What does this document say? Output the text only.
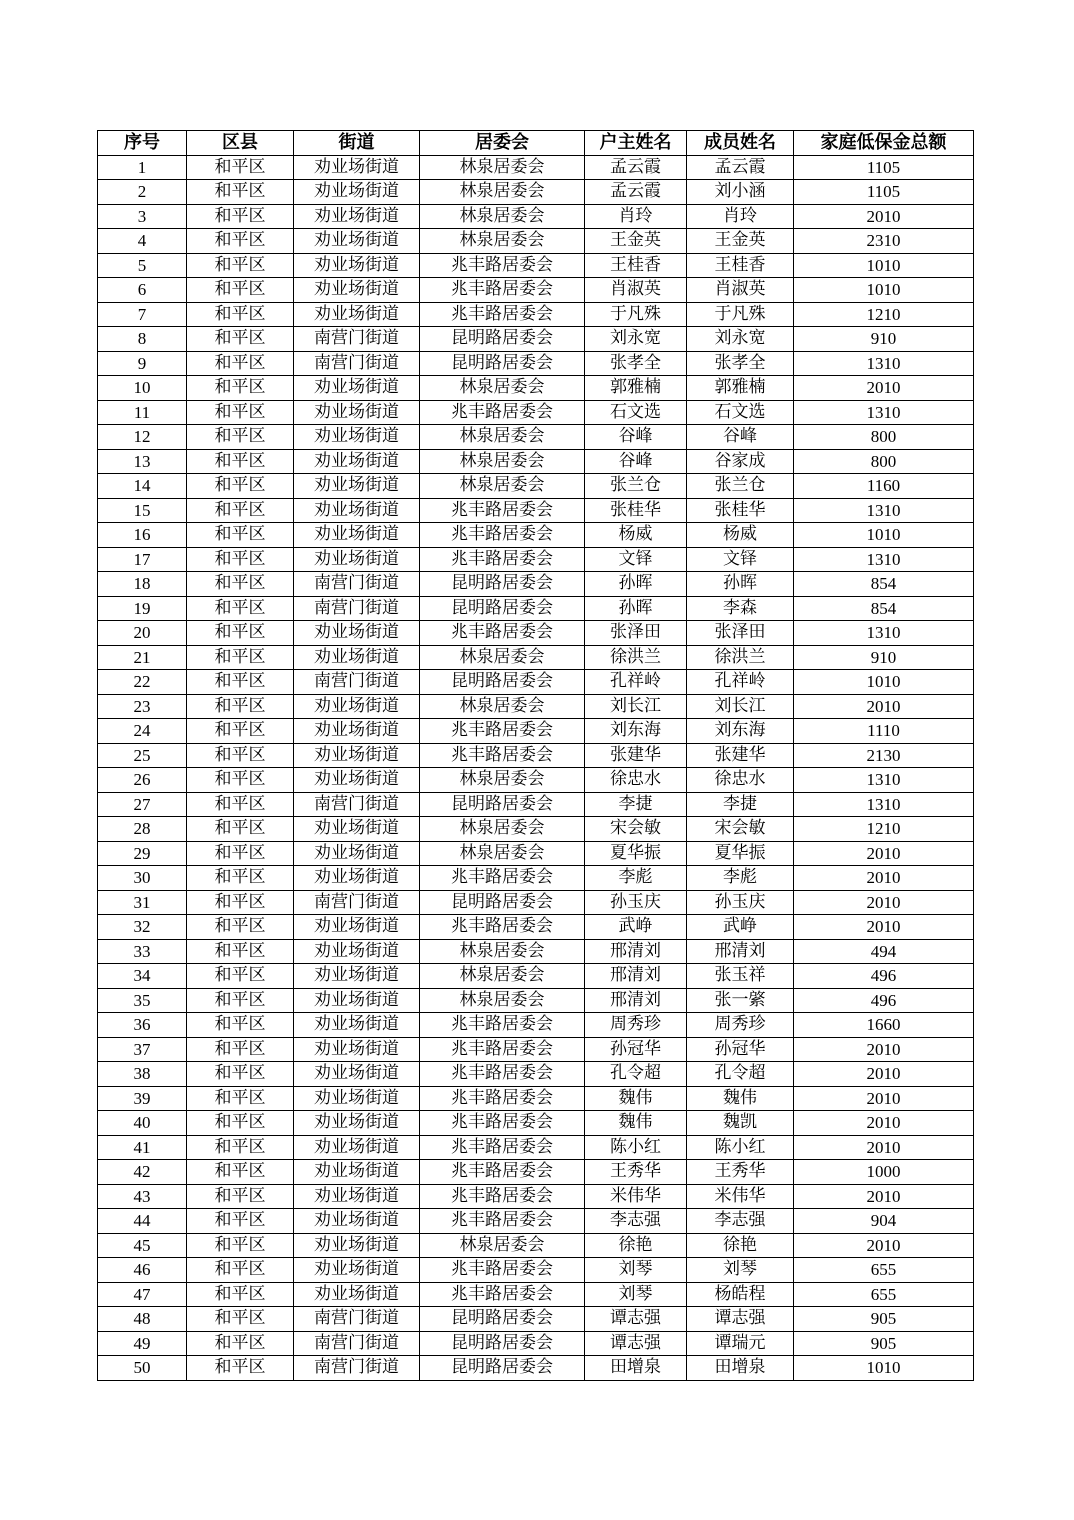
序号	区县	街道	居委会	户主姓名	成员姓名	家庭低保金总额
1	和平区	劝业场街道	林泉居委会	孟云霞	孟云霞	1105
2	和平区	劝业场街道	林泉居委会	孟云霞	刘小涵	1105
3	和平区	劝业场街道	林泉居委会	肖玲	肖玲	2010
4	和平区	劝业场街道	林泉居委会	王金英	王金英	2310
5	和平区	劝业场街道	兆丰路居委会	王桂香	王桂香	1010
6	和平区	劝业场街道	兆丰路居委会	肖淑英	肖淑英	1010
7	和平区	劝业场街道	兆丰路居委会	于凡殊	于凡殊	1210
8	和平区	南营门街道	昆明路居委会	刘永宽	刘永宽	910
9	和平区	南营门街道	昆明路居委会	张孝全	张孝全	1310
10	和平区	劝业场街道	林泉居委会	郭雅楠	郭雅楠	2010
11	和平区	劝业场街道	兆丰路居委会	石文选	石文选	1310
12	和平区	劝业场街道	林泉居委会	谷峰	谷峰	800
13	和平区	劝业场街道	林泉居委会	谷峰	谷家成	800
14	和平区	劝业场街道	林泉居委会	张兰仓	张兰仓	1160
15	和平区	劝业场街道	兆丰路居委会	张桂华	张桂华	1310
16	和平区	劝业场街道	兆丰路居委会	杨威	杨威	1010
17	和平区	劝业场街道	兆丰路居委会	文铎	文铎	1310
18	和平区	南营门街道	昆明路居委会	孙晖	孙晖	854
19	和平区	南营门街道	昆明路居委会	孙晖	李森	854
20	和平区	劝业场街道	兆丰路居委会	张泽田	张泽田	1310
21	和平区	劝业场街道	林泉居委会	徐洪兰	徐洪兰	910
22	和平区	南营门街道	昆明路居委会	孔祥岭	孔祥岭	1010
23	和平区	劝业场街道	林泉居委会	刘长江	刘长江	2010
24	和平区	劝业场街道	兆丰路居委会	刘东海	刘东海	1110
25	和平区	劝业场街道	兆丰路居委会	张建华	张建华	2130
26	和平区	劝业场街道	林泉居委会	徐忠水	徐忠水	1310
27	和平区	南营门街道	昆明路居委会	李捷	李捷	1310
28	和平区	劝业场街道	林泉居委会	宋会敏	宋会敏	1210
29	和平区	劝业场街道	林泉居委会	夏华振	夏华振	2010
30	和平区	劝业场街道	兆丰路居委会	李彪	李彪	2010
31	和平区	南营门街道	昆明路居委会	孙玉庆	孙玉庆	2010
32	和平区	劝业场街道	兆丰路居委会	武峥	武峥	2010
33	和平区	劝业场街道	林泉居委会	邢清刘	邢清刘	494
34	和平区	劝业场街道	林泉居委会	邢清刘	张玉祥	496
35	和平区	劝业场街道	林泉居委会	邢清刘	张一綮	496
36	和平区	劝业场街道	兆丰路居委会	周秀珍	周秀珍	1660
37	和平区	劝业场街道	兆丰路居委会	孙冠华	孙冠华	2010
38	和平区	劝业场街道	兆丰路居委会	孔令超	孔令超	2010
39	和平区	劝业场街道	兆丰路居委会	魏伟	魏伟	2010
40	和平区	劝业场街道	兆丰路居委会	魏伟	魏凯	2010
41	和平区	劝业场街道	兆丰路居委会	陈小红	陈小红	2010
42	和平区	劝业场街道	兆丰路居委会	王秀华	王秀华	1000
43	和平区	劝业场街道	兆丰路居委会	米伟华	米伟华	2010
44	和平区	劝业场街道	兆丰路居委会	李志强	李志强	904
45	和平区	劝业场街道	林泉居委会	徐艳	徐艳	2010
46	和平区	劝业场街道	兆丰路居委会	刘琴	刘琴	655
47	和平区	劝业场街道	兆丰路居委会	刘琴	杨皓程	655
48	和平区	南营门街道	昆明路居委会	谭志强	谭志强	905
49	和平区	南营门街道	昆明路居委会	谭志强	谭瑞元	905
50	和平区	南营门街道	昆明路居委会	田增泉	田增泉	1010
